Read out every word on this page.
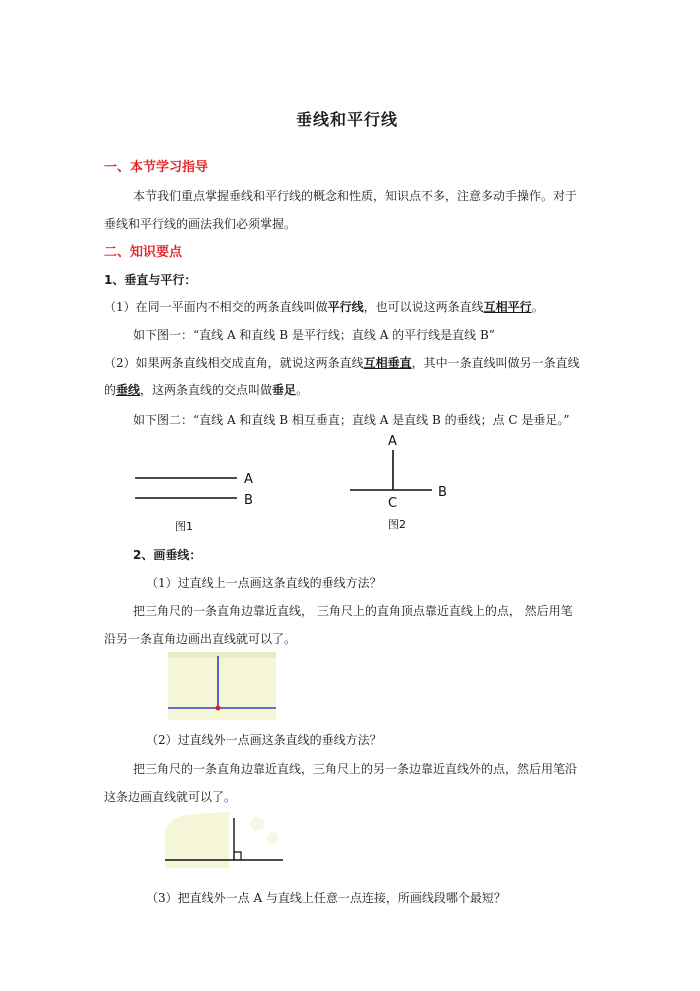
垂线和平行线
一、本节学习指导
本节我们重点掌握垂线和平行线的概念和性质，知识点不多，注意多动手操作。对于
垂线和平行线的画法我们必须掌握。
二、知识要点
1、垂直与平行：
（1）在同一平面内不相交的两条直线叫做平行线，也可以说这两条直线互相平行。
如下图一：“直线 A 和直线 B 是平行线；直线 A 的平行线是直线 B”
（2）如果两条直线相交成直角，就说这两条直线互相垂直，其中一条直线叫做另一条直线
的垂线，这两条直线的交点叫做垂足。
如下图二：“直线 A 和直线 B 相互垂直；直线 A 是直线 B 的垂线；点 C 是垂足。”
A
B
图1
A
B
C
图2
2、画垂线：
（1）过直线上一点画这条直线的垂线方法？
把三角尺的一条直角边靠近直线， 三角尺上的直角顶点靠近直线上的点， 然后用笔
沿另一条直角边画出直线就可以了。
（2）过直线外一点画这条直线的垂线方法？
把三角尺的一条直角边靠近直线，三角尺上的另一条边靠近直线外的点，然后用笔沿
这条边画直线就可以了。
（3）把直线外一点 A 与直线上任意一点连接，所画线段哪个最短？
